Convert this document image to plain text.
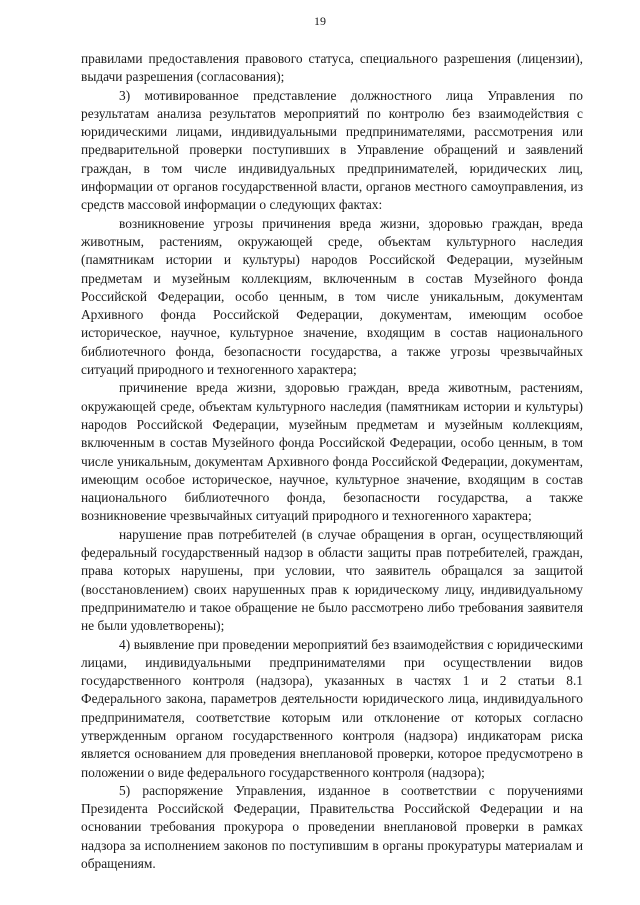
19

правилами предоставления правового статуса, специального разрешения (лицензии), выдачи разрешения (согласования);

3) мотивированное представление должностного лица Управления по результатам анализа результатов мероприятий по контролю без взаимодействия с юридическими лицами, индивидуальными предпринимателями, рассмотрения или предварительной проверки поступивших в Управление обращений и заявлений граждан, в том числе индивидуальных предпринимателей, юридических лиц, информации от органов государственной власти, органов местного самоуправления, из средств массовой информации о следующих фактах:

возникновение угрозы причинения вреда жизни, здоровью граждан, вреда животным, растениям, окружающей среде, объектам культурного наследия (памятникам истории и культуры) народов Российской Федерации, музейным предметам и музейным коллекциям, включенным в состав Музейного фонда Российской Федерации, особо ценным, в том числе уникальным, документам Архивного фонда Российской Федерации, документам, имеющим особое историческое, научное, культурное значение, входящим в состав национального библиотечного фонда, безопасности государства, а также угрозы чрезвычайных ситуаций природного и техногенного характера;

причинение вреда жизни, здоровью граждан, вреда животным, растениям, окружающей среде, объектам культурного наследия (памятникам истории и культуры) народов Российской Федерации, музейным предметам и музейным коллекциям, включенным в состав Музейного фонда Российской Федерации, особо ценным, в том числе уникальным, документам Архивного фонда Российской Федерации, документам, имеющим особое историческое, научное, культурное значение, входящим в состав национального библиотечного фонда, безопасности государства, а также возникновение чрезвычайных ситуаций природного и техногенного характера;

нарушение прав потребителей (в случае обращения в орган, осуществляющий федеральный государственный надзор в области защиты прав потребителей, граждан, права которых нарушены, при условии, что заявитель обращался за защитой (восстановлением) своих нарушенных прав к юридическому лицу, индивидуальному предпринимателю и такое обращение не было рассмотрено либо требования заявителя не были удовлетворены);

4) выявление при проведении мероприятий без взаимодействия с юридическими лицами, индивидуальными предпринимателями при осуществлении видов государственного контроля (надзора), указанных в частях 1 и 2 статьи 8.1 Федерального закона, параметров деятельности юридического лица, индивидуального предпринимателя, соответствие которым или отклонение от которых согласно утвержденным органом государственного контроля (надзора) индикаторам риска является основанием для проведения внеплановой проверки, которое предусмотрено в положении о виде федерального государственного контроля (надзора);

5) распоряжение Управления, изданное в соответствии с поручениями Президента Российской Федерации, Правительства Российской Федерации и на основании требования прокурора о проведении внеплановой проверки в рамках надзора за исполнением законов по поступившим в органы прокуратуры материалам и обращениям.
